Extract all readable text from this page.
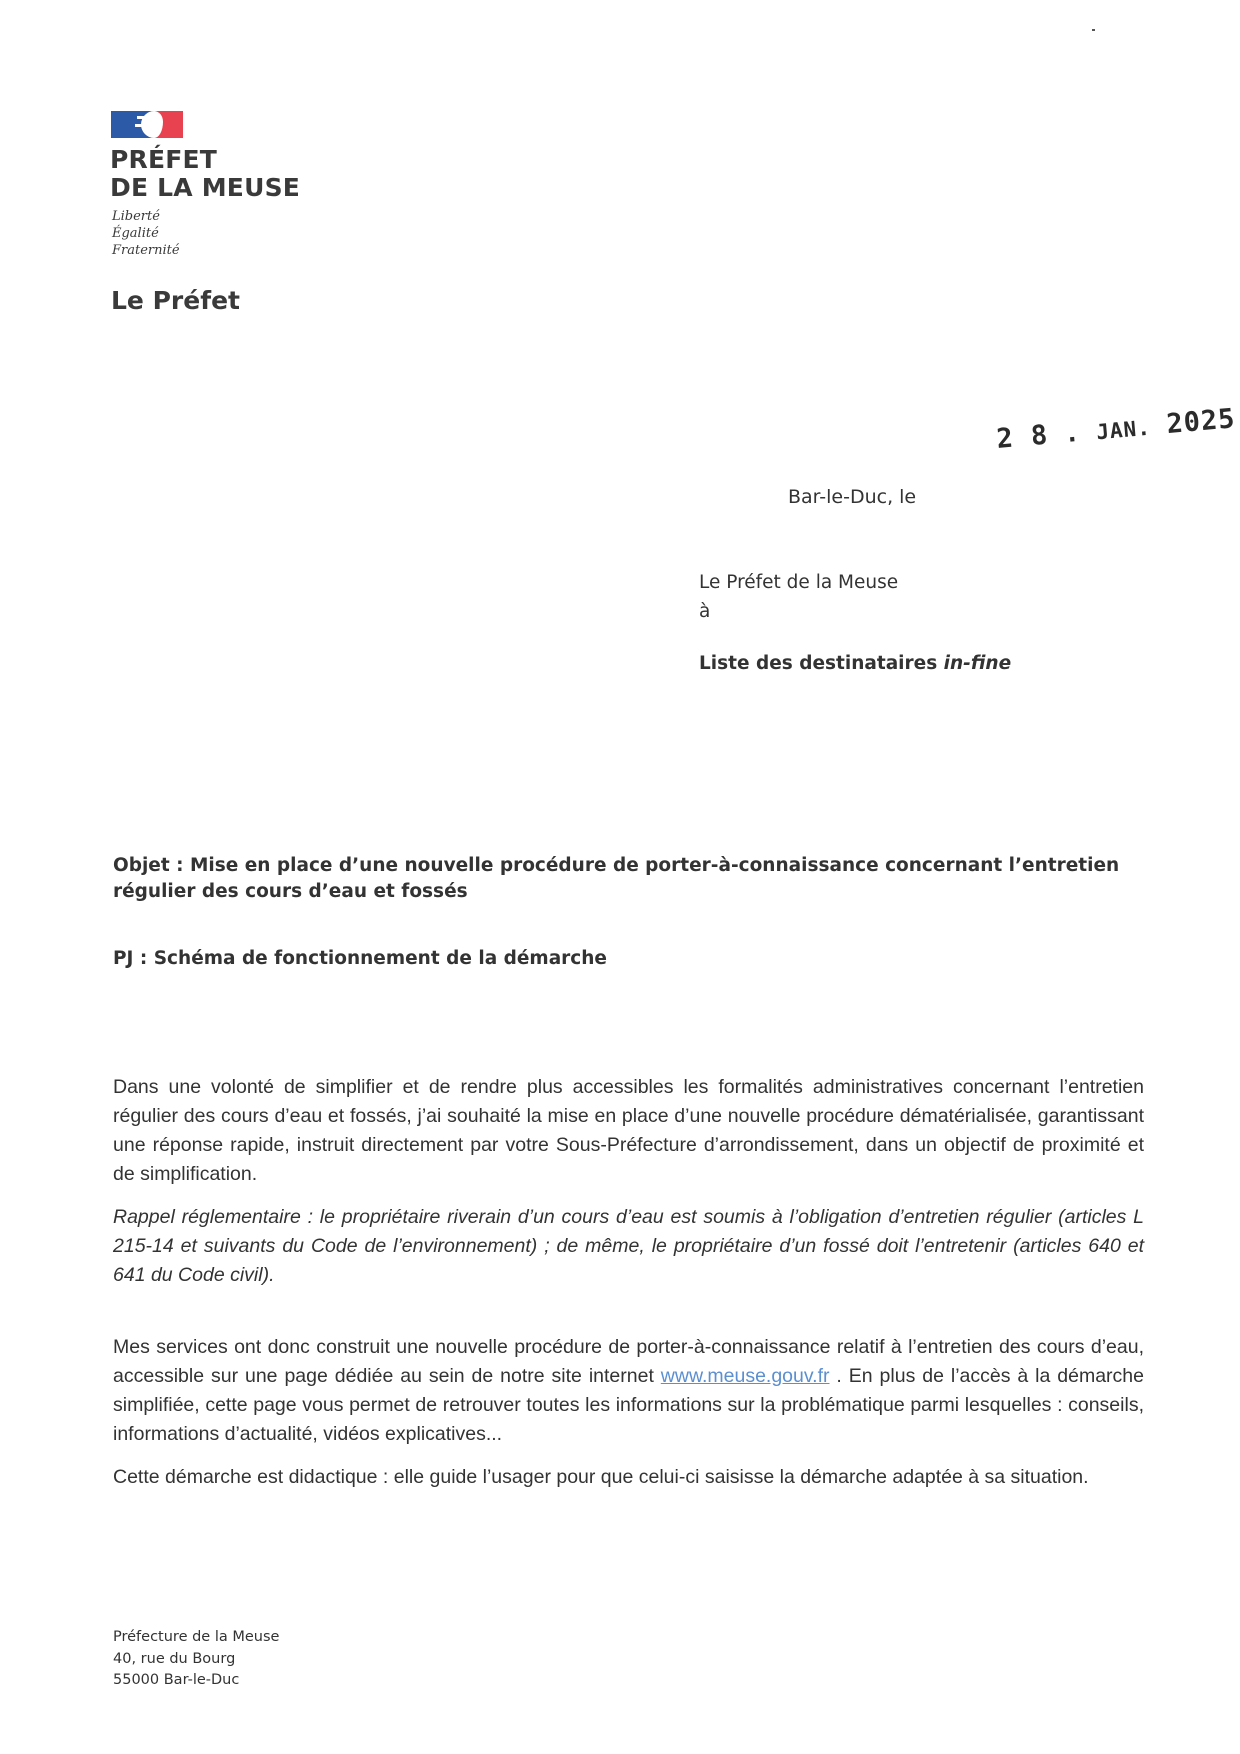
PRÉFET
DE LA MEUSE
Liberté
Égalité
Fraternité
Le Préfet
2 8 . JAN. 2025
Bar-le-Duc, le
Le Préfet de la Meuse
à
Liste des destinataires in-fine
Objet : Mise en place d’une nouvelle procédure de porter-à-connaissance concernant l’entretien régulier des cours d’eau et fossés
PJ : Schéma de fonctionnement de la démarche

Dans une volonté de simplifier et de rendre plus accessibles les formalités administratives concernant l’entretien régulier des cours d’eau et fossés, j’ai souhaité la mise en place d’une nouvelle procédure dématérialisée, garantissant une réponse rapide, instruit directement par votre Sous-Préfecture d’arrondissement, dans un objectif de proximité et de simplification.

Rappel réglementaire : le propriétaire riverain d’un cours d’eau est soumis à l’obligation d’entretien régulier (articles L 215-14 et suivants du Code de l’environnement) ; de même, le propriétaire d’un fossé doit l’entretenir (articles 640 et 641 du Code civil).

Mes services ont donc construit une nouvelle procédure de porter-à-connaissance relatif à l’entretien des cours d’eau, accessible sur une page dédiée au sein de notre site internet www.meuse.gouv.fr . En plus de l’accès à la démarche simplifiée, cette page vous permet de retrouver toutes les informations sur la problématique parmi lesquelles : conseils, informations d’actualité, vidéos explicatives...

Cette démarche est didactique : elle guide l’usager pour que celui-ci saisisse la démarche adaptée à sa situation.

Préfecture de la Meuse
40, rue du Bourg
55000 Bar-le-Duc
